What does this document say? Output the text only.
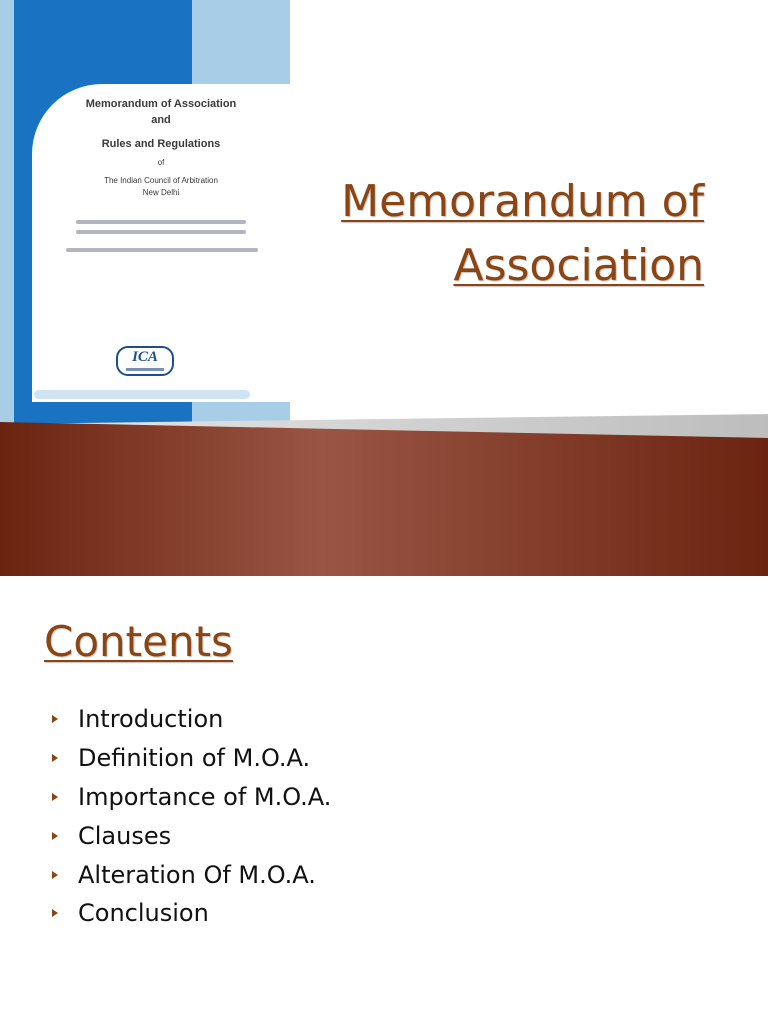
Memorandum of Association
and
Rules and Regulations
of
The Indian Council of Arbitration
New Delhi
ICA
Memorandum of
Association
Contents
Introduction
Definition of M.O.A.
Importance of M.O.A.
Clauses
Alteration Of M.O.A.
Conclusion
